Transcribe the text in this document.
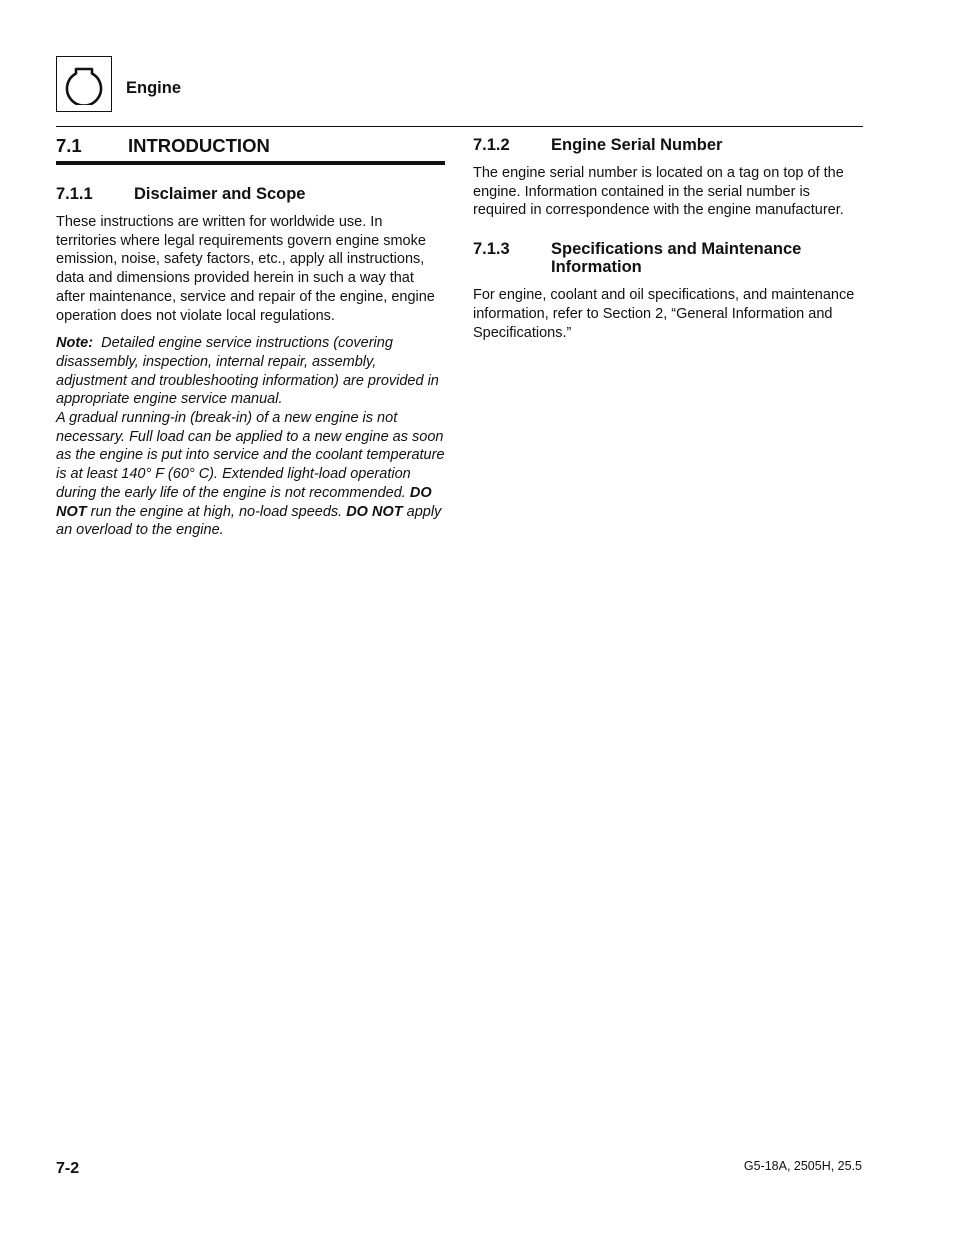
Engine
7.1	INTRODUCTION
7.1.1	Disclaimer and Scope

These instructions are written for worldwide use. In territories where legal requirements govern engine smoke emission, noise, safety factors, etc., apply all instructions, data and dimensions provided herein in such a way that after maintenance, service and repair of the engine, engine operation does not violate local regulations.

Note: Detailed engine service instructions (covering disassembly, inspection, internal repair, assembly, adjustment and troubleshooting information) are provided in appropriate engine service manual.
A gradual running-in (break-in) of a new engine is not necessary. Full load can be applied to a new engine as soon as the engine is put into service and the coolant temperature is at least 140° F (60° C). Extended light-load operation during the early life of the engine is not recommended. DO NOT run the engine at high, no-load speeds. DO NOT apply an overload to the engine.

7.1.2	Engine Serial Number

The engine serial number is located on a tag on top of the engine. Information contained in the serial number is required in correspondence with the engine manufacturer.

7.1.3	Specifications and Maintenance Information

For engine, coolant and oil specifications, and maintenance information, refer to Section 2, “General Information and Specifications.”

7-2	G5-18A, 2505H, 25.5
